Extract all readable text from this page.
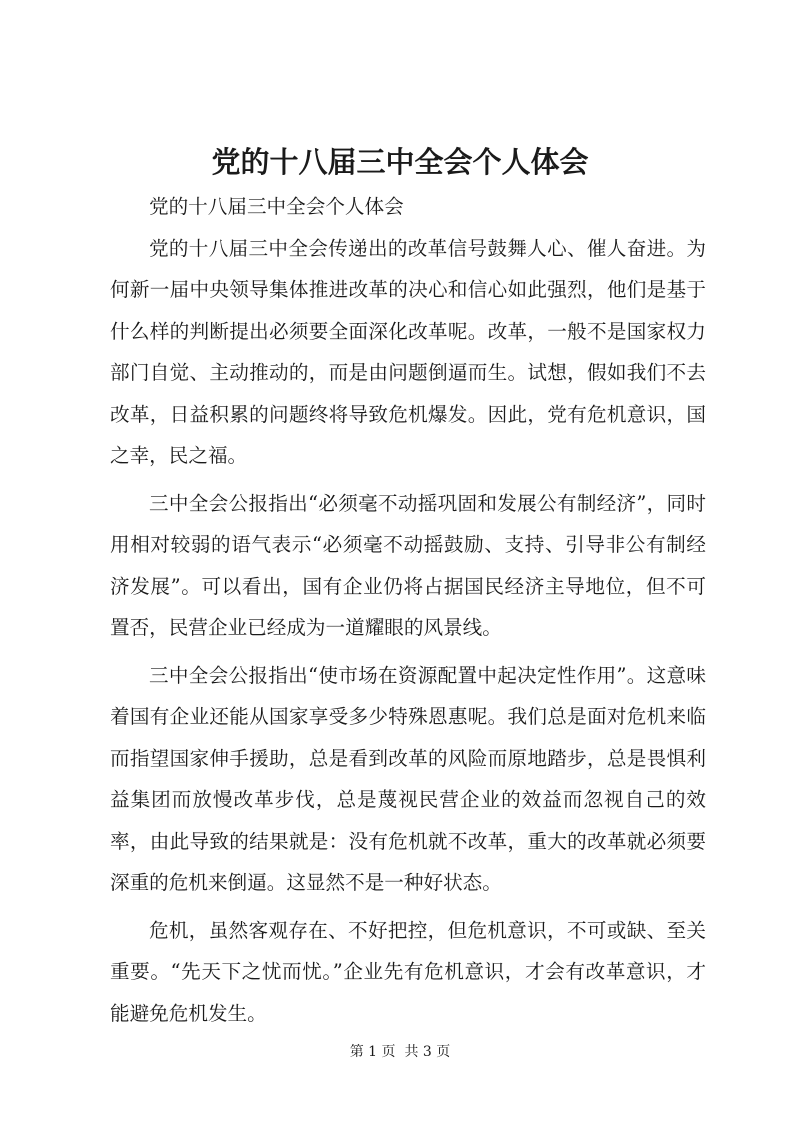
党的十八届三中全会个人体会

党的十八届三中全会个人体会

党的十八届三中全会传递出的改革信号鼓舞人心、催人奋进。为何新一届中央领导集体推进改革的决心和信心如此强烈，他们是基于什么样的判断提出必须要全面深化改革呢。改革，一般不是国家权力部门自觉、主动推动的，而是由问题倒逼而生。试想，假如我们不去改革，日益积累的问题终将导致危机爆发。因此，党有危机意识，国之幸，民之福。

三中全会公报指出“必须毫不动摇巩固和发展公有制经济”，同时用相对较弱的语气表示“必须毫不动摇鼓励、支持、引导非公有制经济发展”。可以看出，国有企业仍将占据国民经济主导地位，但不可置否，民营企业已经成为一道耀眼的风景线。

三中全会公报指出“使市场在资源配置中起决定性作用”。这意味着国有企业还能从国家享受多少特殊恩惠呢。我们总是面对危机来临而指望国家伸手援助，总是看到改革的风险而原地踏步，总是畏惧利益集团而放慢改革步伐，总是蔑视民营企业的效益而忽视自己的效率，由此导致的结果就是：没有危机就不改革，重大的改革就必须要深重的危机来倒逼。这显然不是一种好状态。

危机，虽然客观存在、不好把控，但危机意识，不可或缺、至关重要。“先天下之忧而忧。”企业先有危机意识，才会有改革意识，才能避免危机发生。

第 1 页  共 3 页
